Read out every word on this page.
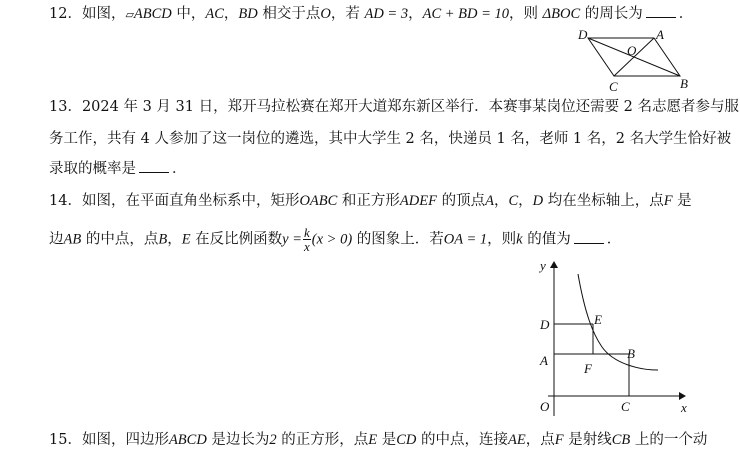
12．如图，▱ABCD 中，AC，BD 相交于点O，若 AD = 3，AC + BD = 10，则 ΔBOC 的周长为 ．
D	A
O
C	B
13．2024 年 3 月 31 日，郑开马拉松赛在郑开大道郑东新区举行．本赛事某岗位还需要 2 名志愿者参与服
务工作，共有 4 人参加了这一岗位的遴选，其中大学生 2 名，快递员 1 名，老师 1 名，2 名大学生恰好被
录取的概率是 ．
14．如图，在平面直角坐标系中，矩形OABC 和正方形ADEF 的顶点A，C，D 均在坐标轴上，点F 是
边AB 的中点，点B，E 在反比例函数$y = \frac{k}{x} (x > 0)$ 的图象上．若OA = 1，则k 的值为 ．
y
x
D	E
A	B
F
O	C
15．如图，四边形ABCD 是边长为2 的正方形，点E 是CD 的中点，连接AE，点F 是射线CB 上的一个动
